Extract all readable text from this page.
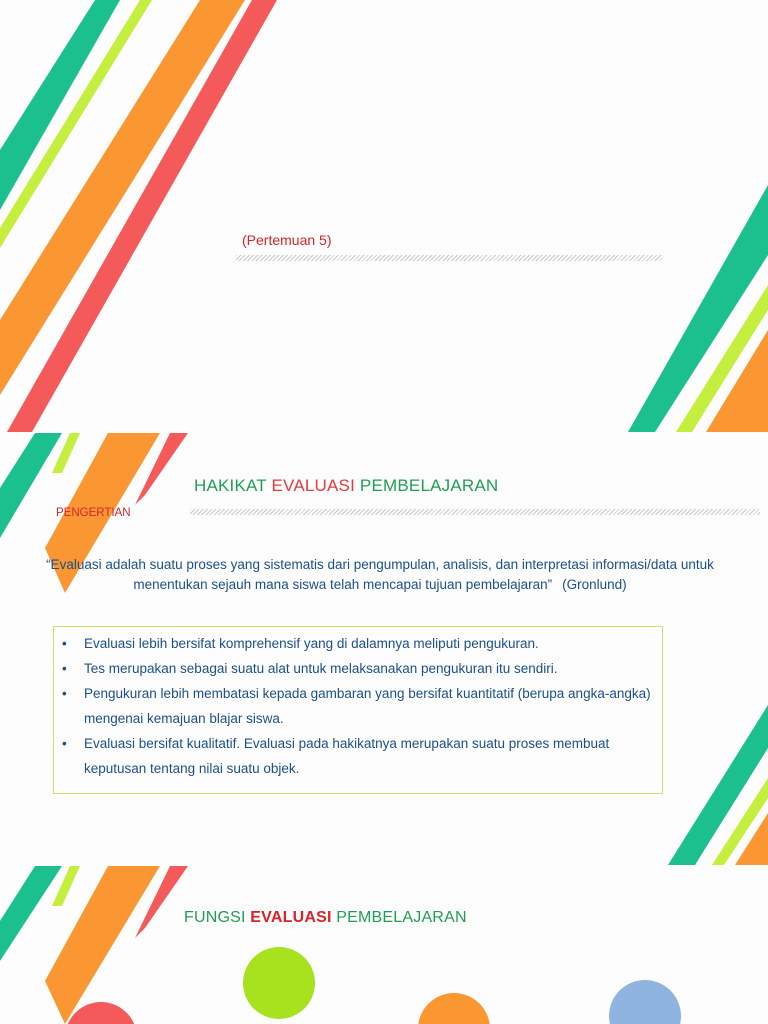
(Pertemuan 5)
HAKIKAT EVALUASI PEMBELAJARAN
PENGERTIAN
“Evaluasi adalah suatu proses yang sistematis dari pengumpulan, analisis, dan interpretasi informasi/data untuk menentukan sejauh mana siswa telah mencapai tujuan pembelajaran” (Gronlund)
• Evaluasi lebih bersifat komprehensif yang di dalamnya meliputi pengukuran.
• Tes merupakan sebagai suatu alat untuk melaksanakan pengukuran itu sendiri.
• Pengukuran lebih membatasi kepada gambaran yang bersifat kuantitatif (berupa angka-angka) mengenai kemajuan blajar siswa.
• Evaluasi bersifat kualitatif. Evaluasi pada hakikatnya merupakan suatu proses membuat keputusan tentang nilai suatu objek.
FUNGSI EVALUASI PEMBELAJARAN
